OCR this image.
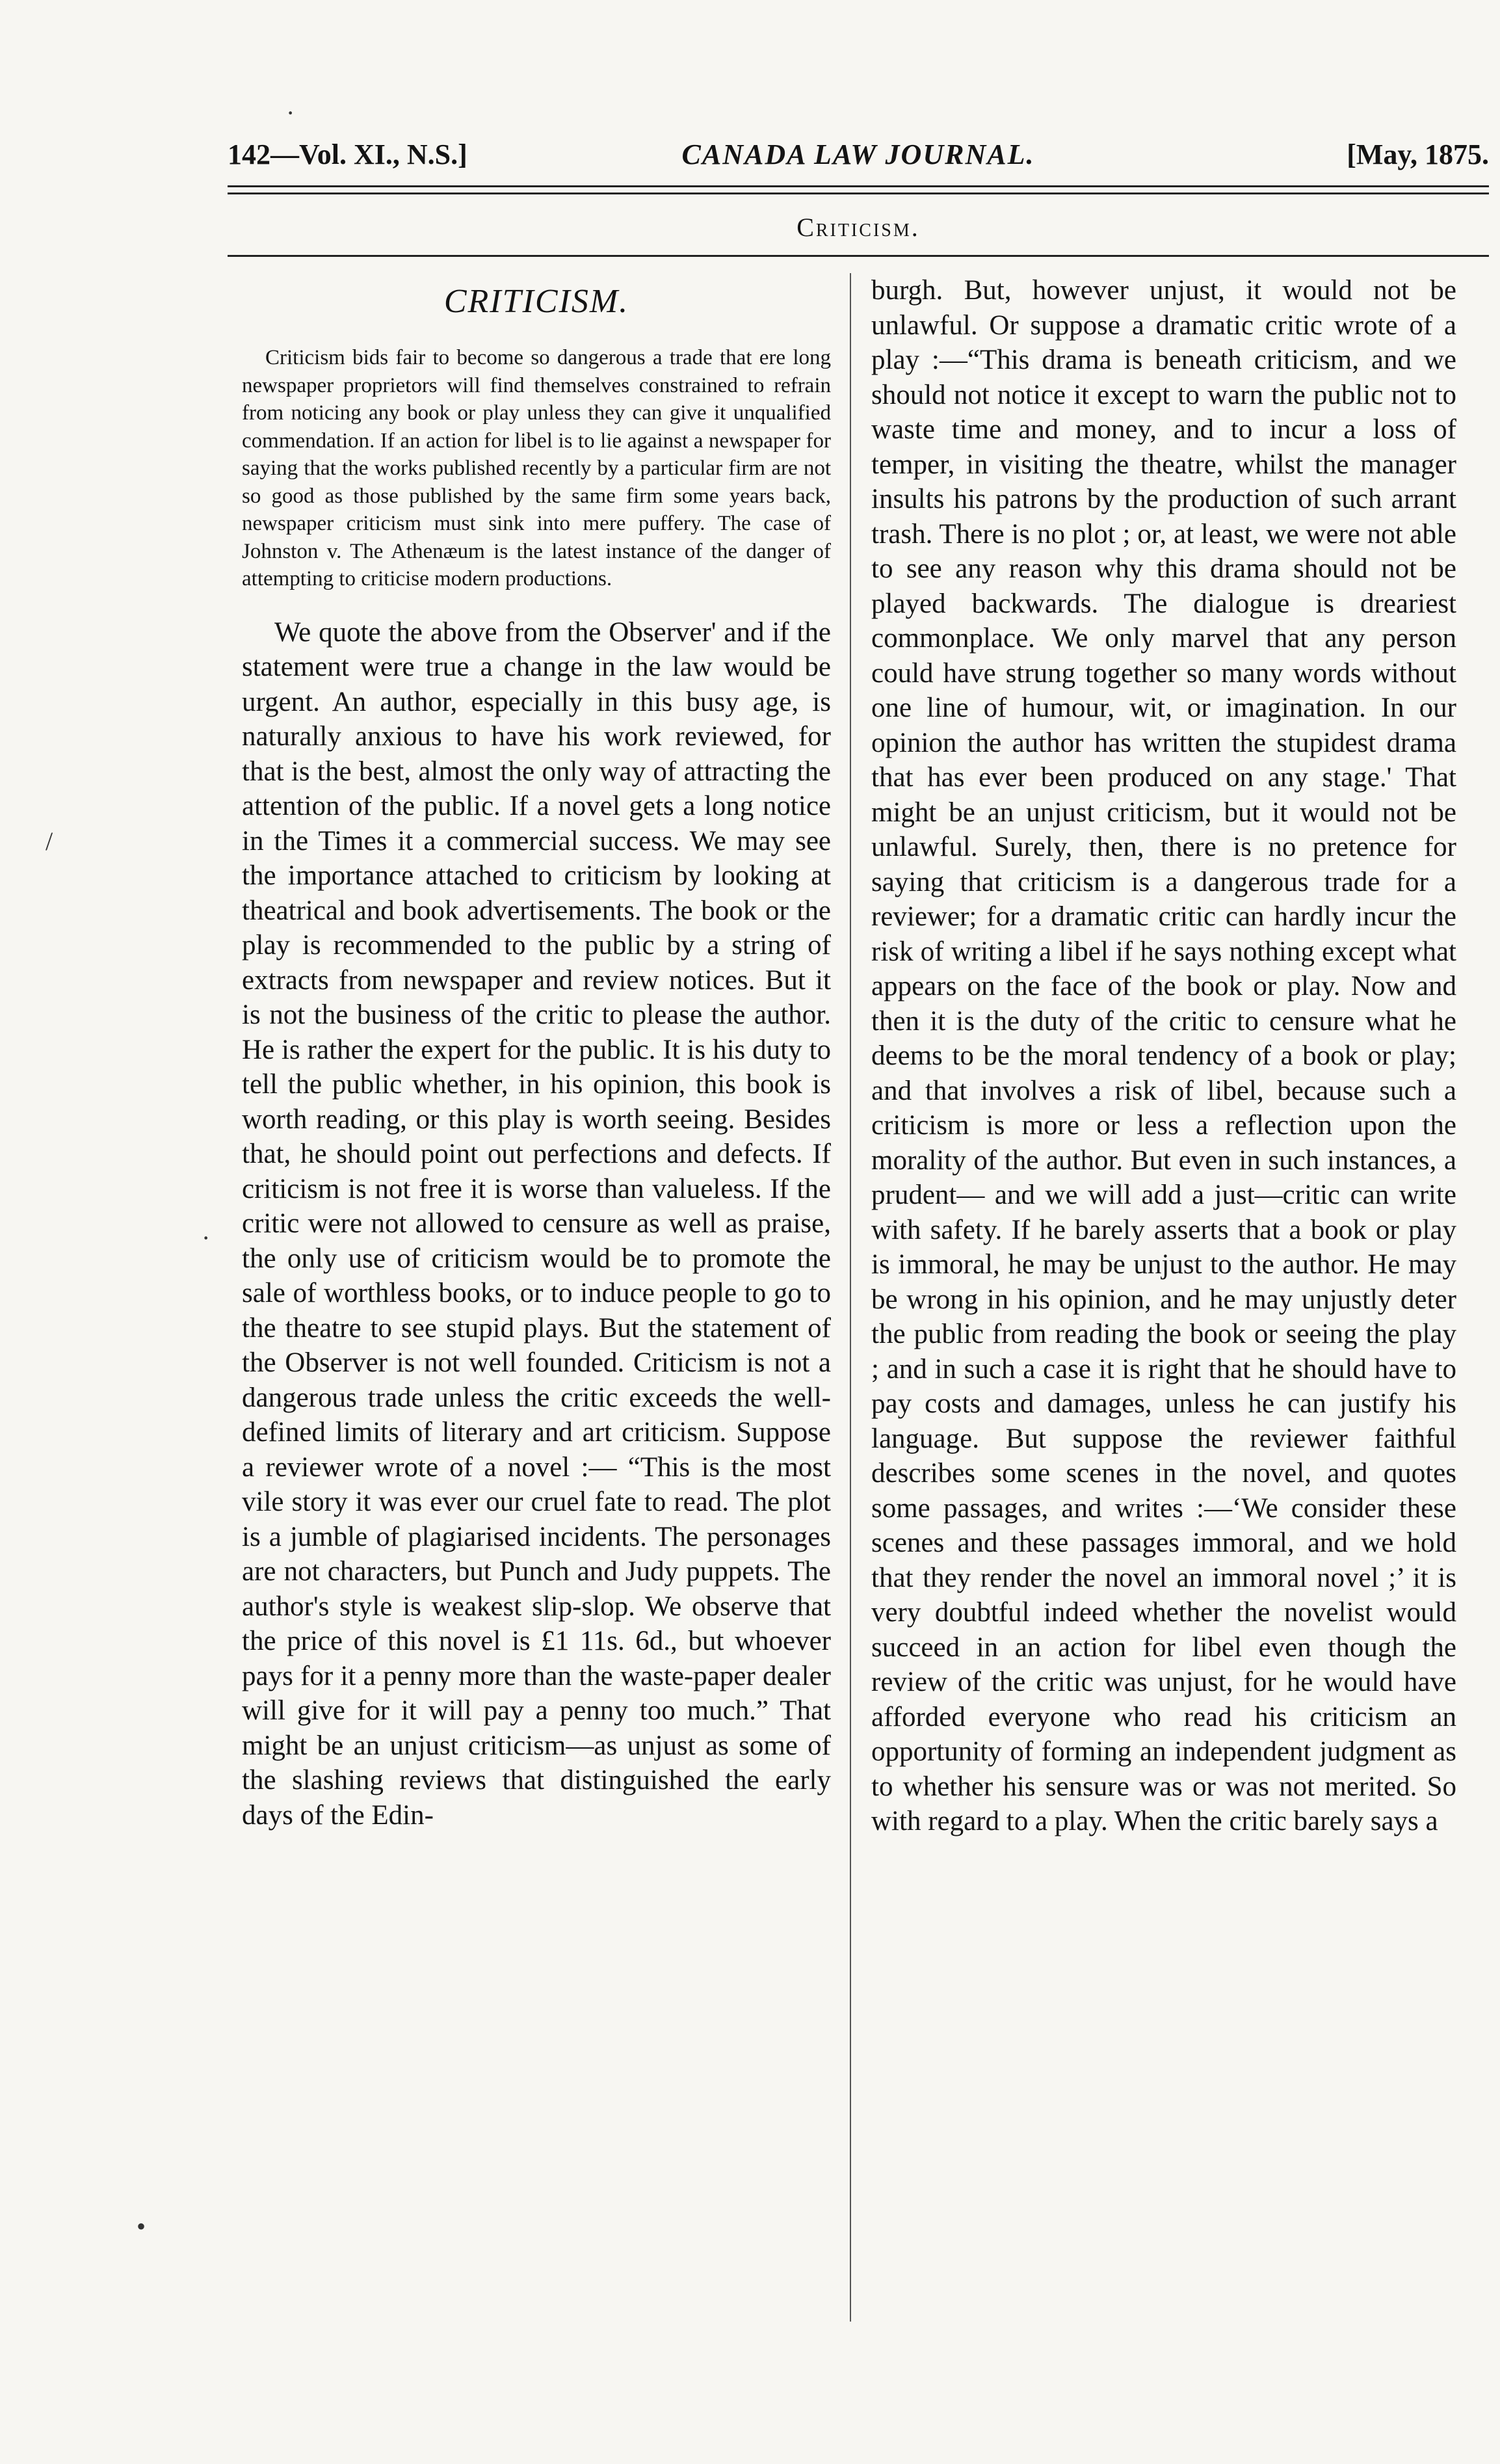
142—Vol. XI., N.S.]	CANADA LAW JOURNAL.	[May, 1875.
Criticism.
CRITICISM.

Criticism bids fair to become so dangerous a trade that ere long newspaper proprietors will find themselves constrained to refrain from noticing any book or play unless they can give it unqualified commendation. If an action for libel is to lie against a newspaper for saying that the works published recently by a particular firm are not so good as those published by the same firm some years back, newspaper criticism must sink into mere puffery. The case of Johnston v. The Athenæum is the latest instance of the danger of attempting to criticise modern productions.

We quote the above from the Observer' and if the statement were true a change in the law would be urgent. An author, especially in this busy age, is naturally anxious to have his work reviewed, for that is the best, almost the only way of attracting the attention of the public. If a novel gets a long notice in the Times it a commercial success. We may see the importance attached to criticism by looking at theatrical and book advertisements. The book or the play is recommended to the public by a string of extracts from newspaper and review notices. But it is not the business of the critic to please the author. He is rather the expert for the public. It is his duty to tell the public whether, in his opinion, this book is worth reading, or this play is worth seeing. Besides that, he should point out perfections and defects. If criticism is not free it is worse than valueless. If the critic were not allowed to censure as well as praise, the only use of criticism would be to promote the sale of worthless books, or to induce people to go to the theatre to see stupid plays. But the statement of the Observer is not well founded. Criticism is not a dangerous trade unless the critic exceeds the well-defined limits of literary and art criticism. Suppose a reviewer wrote of a novel :— “This is the most vile story it was ever our cruel fate to read. The plot is a jumble of plagiarised incidents. The personages are not characters, but Punch and Judy puppets. The author's style is weakest slip-slop. We observe that the price of this novel is £1 11s. 6d., but whoever pays for it a penny more than the waste-paper dealer will give for it will pay a penny too much.” That might be an unjust criticism—as unjust as some of the slashing reviews that distinguished the early days of the Edin-

burgh. But, however unjust, it would not be unlawful. Or suppose a dramatic critic wrote of a play :—“This drama is beneath criticism, and we should not notice it except to warn the public not to waste time and money, and to incur a loss of temper, in visiting the theatre, whilst the manager insults his patrons by the production of such arrant trash. There is no plot ; or, at least, we were not able to see any reason why this drama should not be played backwards. The dialogue is dreariest commonplace. We only marvel that any person could have strung together so many words without one line of humour, wit, or imagination. In our opinion the author has written the stupidest drama that has ever been produced on any stage.' That might be an unjust criticism, but it would not be unlawful. Surely, then, there is no pretence for saying that criticism is a dangerous trade for a reviewer; for a dramatic critic can hardly incur the risk of writing a libel if he says nothing except what appears on the face of the book or play. Now and then it is the duty of the critic to censure what he deems to be the moral tendency of a book or play; and that involves a risk of libel, because such a criticism is more or less a reflection upon the morality of the author. But even in such instances, a prudent— and we will add a just—critic can write with safety. If he barely asserts that a book or play is immoral, he may be unjust to the author. He may be wrong in his opinion, and he may unjustly deter the public from reading the book or seeing the play ; and in such a case it is right that he should have to pay costs and damages, unless he can justify his language. But suppose the reviewer faithful describes some scenes in the novel, and quotes some passages, and writes :—‘We consider these scenes and these passages immoral, and we hold that they render the novel an immoral novel ;’ it is very doubtful indeed whether the novelist would succeed in an action for libel even though the review of the critic was unjust, for he would have afforded everyone who read his criticism an opportunity of forming an independent judgment as to whether his sensure was or was not merited. So with regard to a play. When the critic barely says a

·
/
·
•
